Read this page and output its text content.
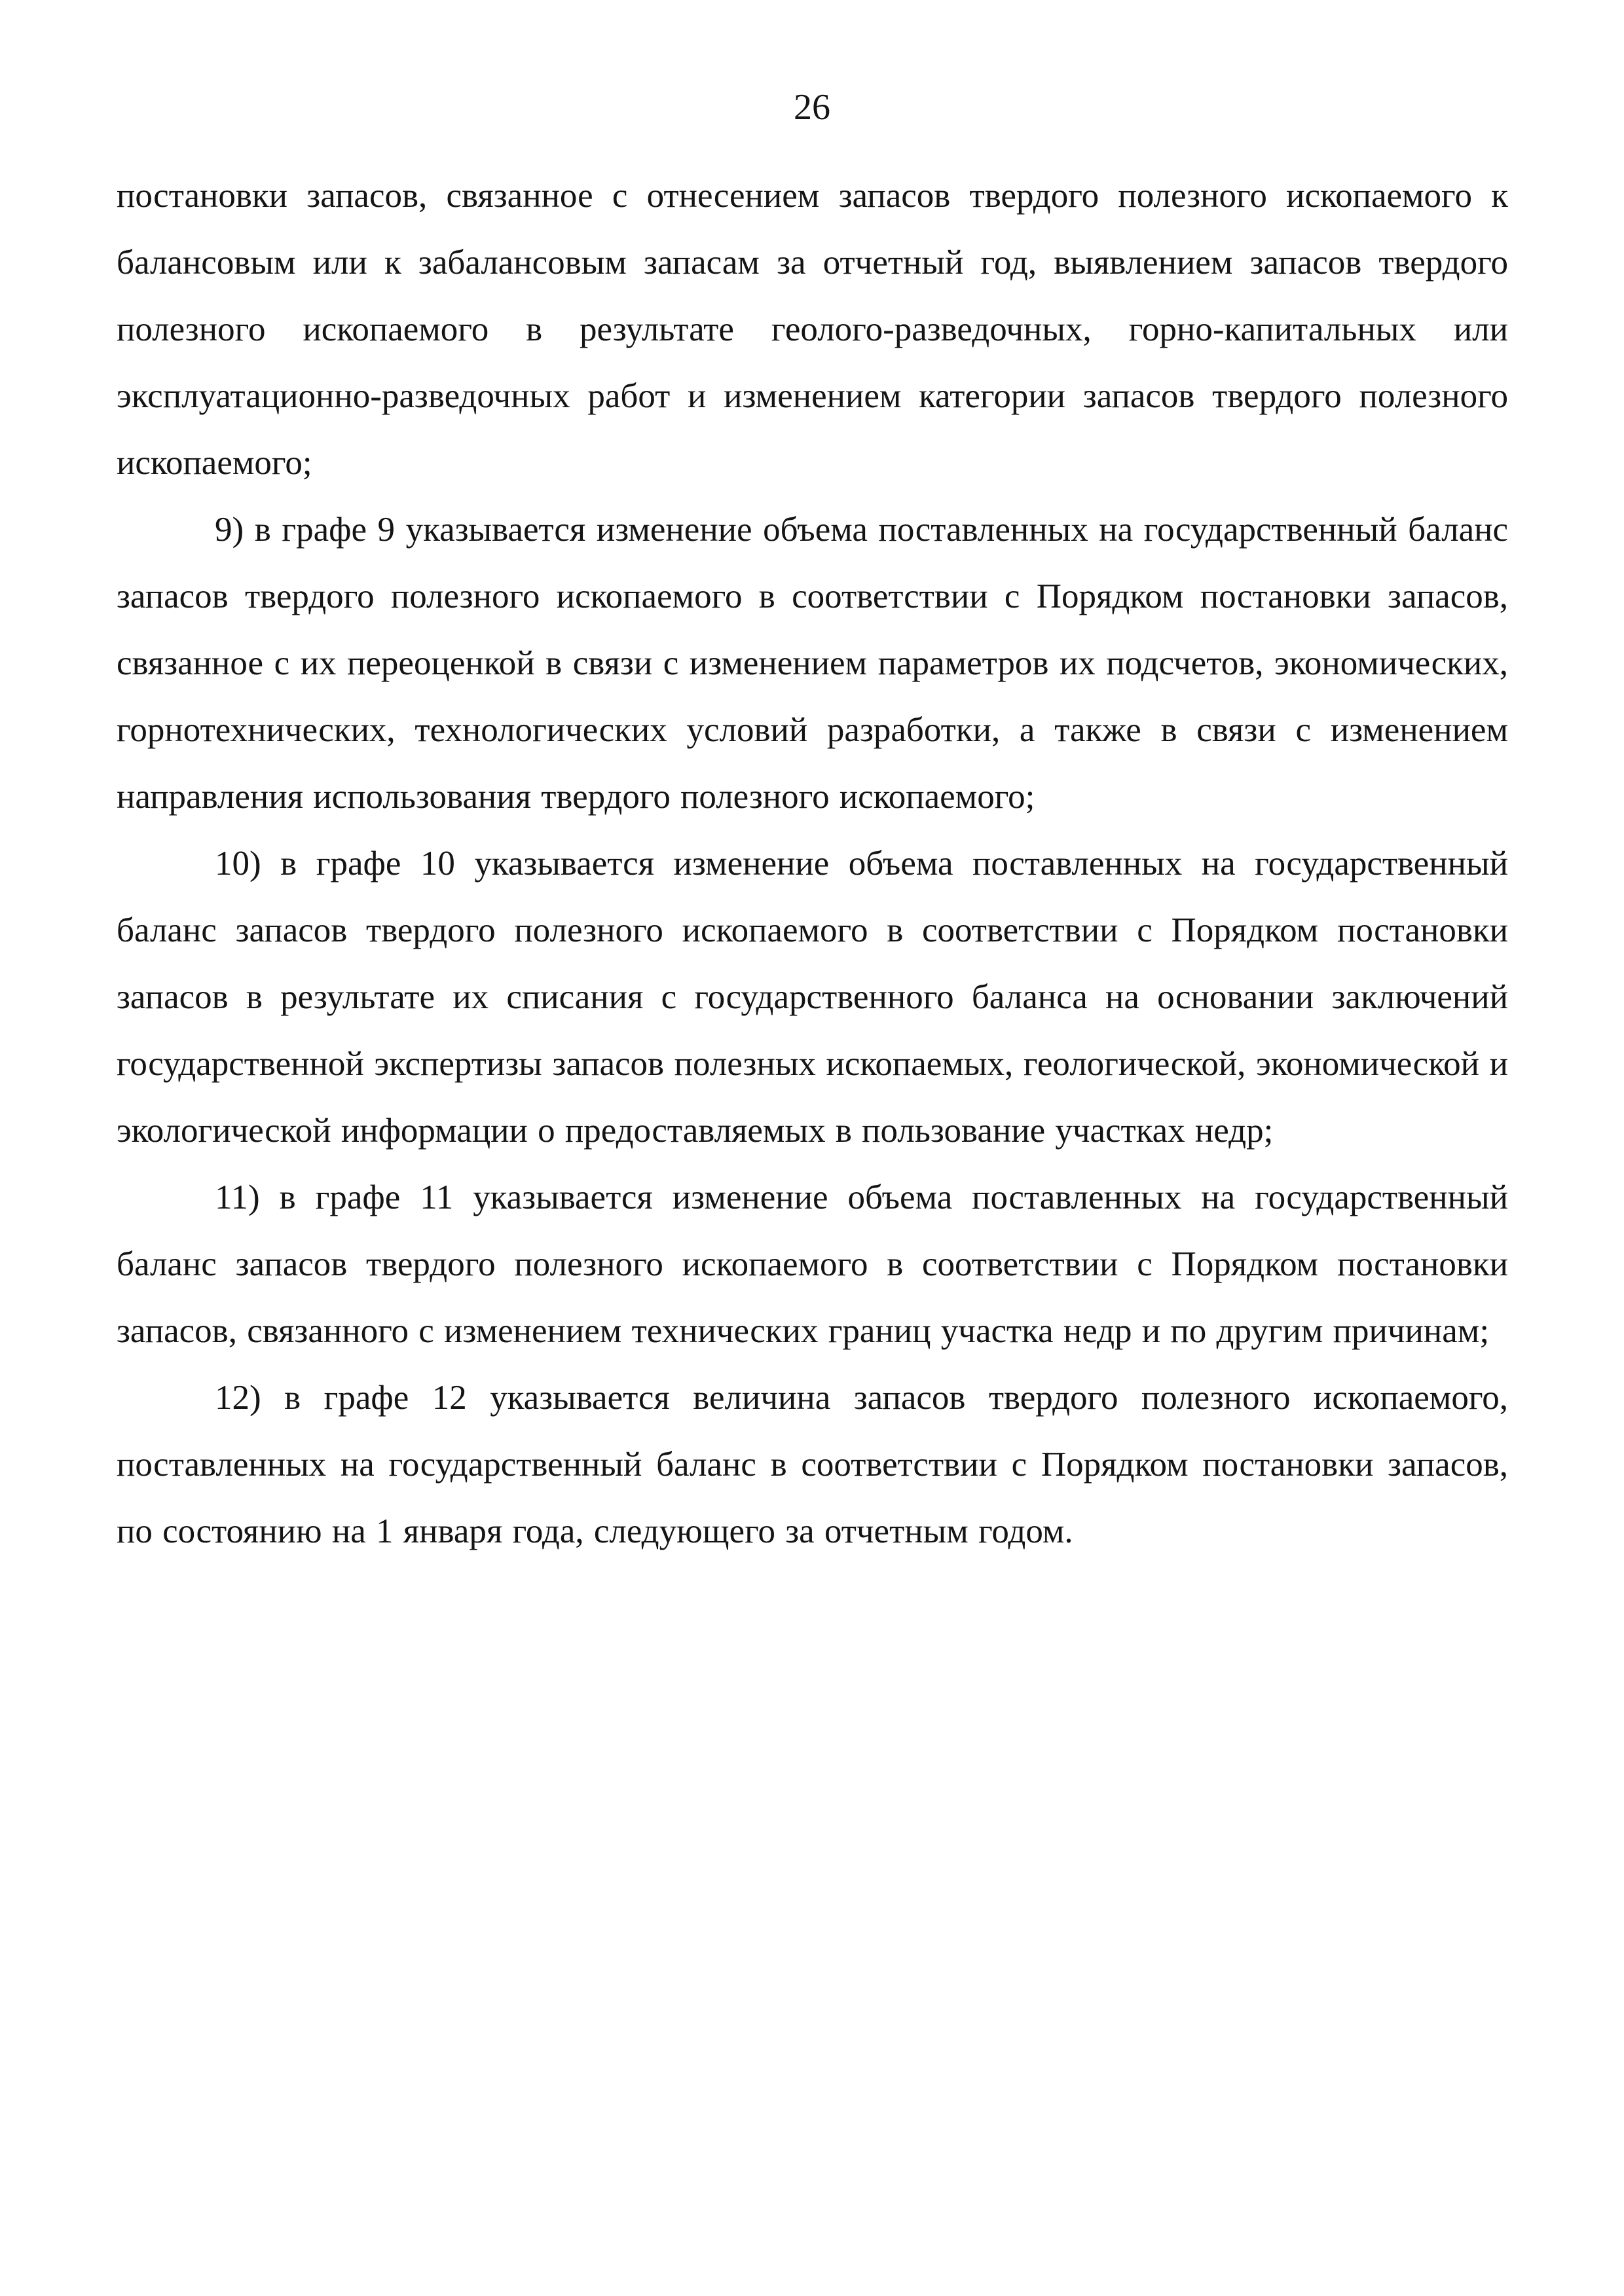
26

постановки запасов, связанное с отнесением запасов твердого полезного ископаемого к балансовым или к забалансовым запасам за отчетный год, выявлением запасов твердого полезного ископаемого в результате геолого-разведочных, горно-капитальных или эксплуатационно-разведочных работ и изменением категории запасов твердого полезного ископаемого;

9) в графе 9 указывается изменение объема поставленных на государственный баланс запасов твердого полезного ископаемого в соответствии с Порядком постановки запасов, связанное с их переоценкой в связи с изменением параметров их подсчетов, экономических, горнотехнических, технологических условий разработки, а также в связи с изменением направления использования твердого полезного ископаемого;

10) в графе 10 указывается изменение объема поставленных на государственный баланс запасов твердого полезного ископаемого в соответствии с Порядком постановки запасов в результате их списания с государственного баланса на основании заключений государственной экспертизы запасов полезных ископаемых, геологической, экономической и экологической информации о предоставляемых в пользование участках недр;

11) в графе 11 указывается изменение объема поставленных на государственный баланс запасов твердого полезного ископаемого в соответствии с Порядком постановки запасов, связанного с изменением технических границ участка недр и по другим причинам;

12) в графе 12 указывается величина запасов твердого полезного ископаемого, поставленных на государственный баланс в соответствии с Порядком постановки запасов, по состоянию на 1 января года, следующего за отчетным годом.
